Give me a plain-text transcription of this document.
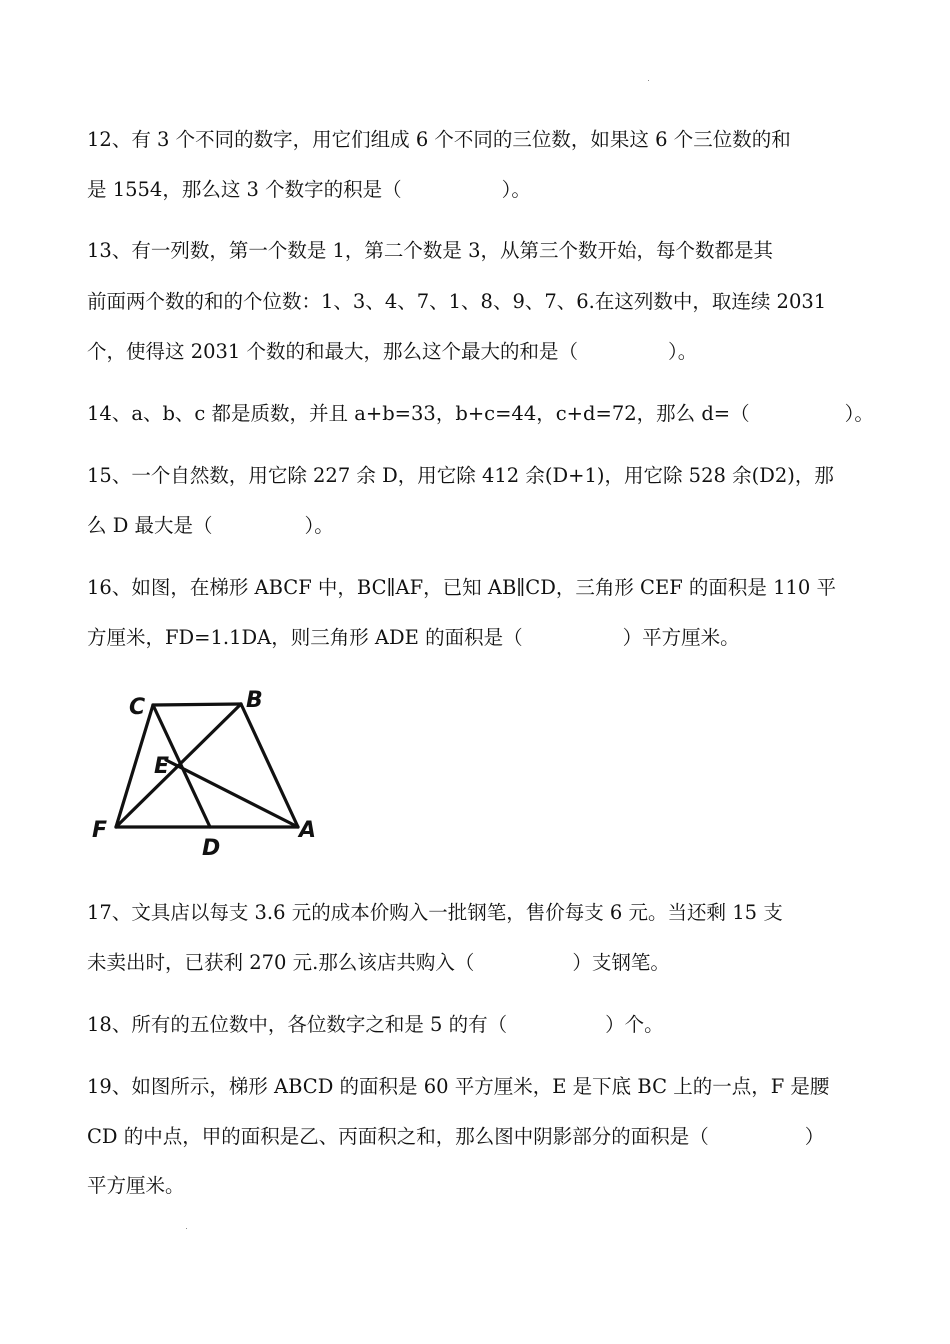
12、有 3 个不同的数字，用它们组成 6 个不同的三位数，如果这 6 个三位数的和
是 1554，那么这 3 个数字的积是（	）。
13、有一列数，第一个数是 1，第二个数是 3，从第三个数开始，每个数都是其
前面两个数的和的个位数：1、3、4、7、1、8、9、7、6.在这列数中，取连续 2031
个，使得这 2031 个数的和最大，那么这个最大的和是（	）。
14、a、b、c 都是质数，并且 a+b=33，b+c=44，c+d=72，那么 d=（	）。
15、一个自然数，用它除 227 余 D，用它除 412 余(D+1)，用它除 528 余(D2)，那
么 D 最大是（	）。
16、如图，在梯形 ABCF 中，BC∥AF，已知 AB∥CD，三角形 CEF 的面积是 110 平
方厘米，FD=1.1DA，则三角形 ADE 的面积是（	）平方厘米。
C	B
E
F	A
D
17、文具店以每支 3.6 元的成本价购入一批钢笔，售价每支 6 元。当还剩 15 支
未卖出时，已获利 270 元.那么该店共购入（	）支钢笔。
18、所有的五位数中，各位数字之和是 5 的有（	）个。
19、如图所示，梯形 ABCD 的面积是 60 平方厘米，E 是下底 BC 上的一点，F 是腰
CD 的中点，甲的面积是乙、丙面积之和，那么图中阴影部分的面积是（	）
平方厘米。
